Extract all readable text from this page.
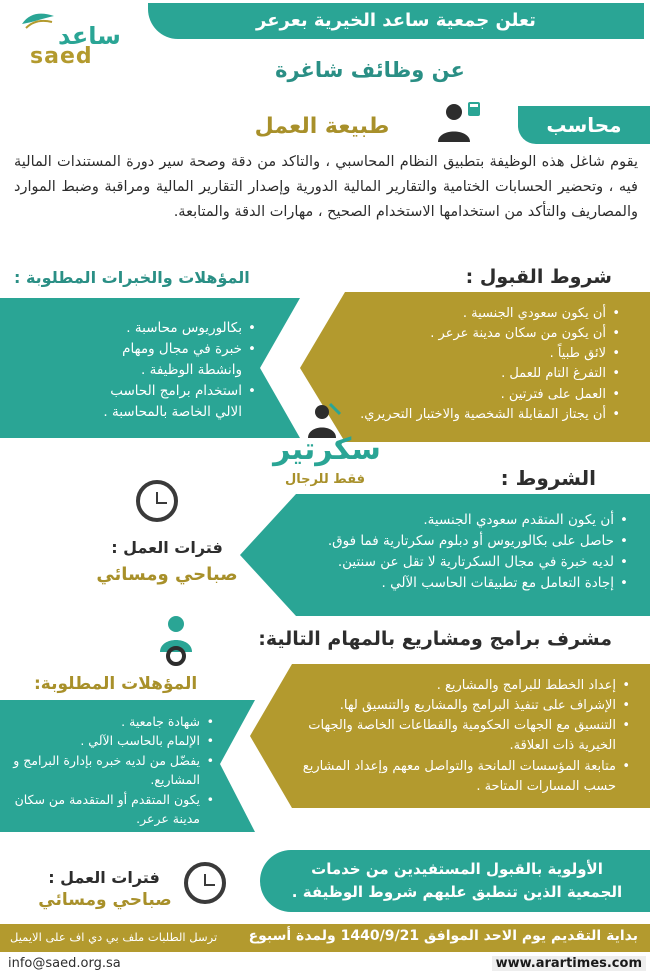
ساعد
saed
تعلن جمعية ساعد الخيرية بعرعر
عن وظائف شاغرة
محاسب
طبيعة العمل
يقوم شاغل هذه الوظيفة بتطبيق النظام المحاسبي ، والتاكد من دقة وصحة سير دورة المستندات المالية فيه ، وتحضير الحسابات الختامية والتقارير المالية الدورية وإصدار التقارير المالية ومراقبة وضبط الموارد والمصاريف والتأكد من استخدامها الاستخدام الصحيح ، مهارات الدقة والمتابعة.
شروط القبول :
المؤهلات والخبرات المطلوبة :
• أن يكون سعودي الجنسية .
• أن يكون من سكان مدينة عرعر .
• لائق طبياً .
• التفرغ التام للعمل .
• العمل على فترتين .
• أن يجتاز المقابلة الشخصية والاختبار التحريري.
• بكالوريوس محاسبة .
• خبرة في مجال ومهام وانشطة الوظيفة .
• استخدام برامج الحاسب الالي الخاصة بالمحاسبة .
سكرتير
فقط للرجال	الشروط :
• أن يكون المتقدم سعودي الجنسية.
• حاصل على بكالوريوس أو دبلوم سكرتارية فما فوق.
• لديه خبرة في مجال السكرتارية لا تقل عن سنتين.
• إجادة التعامل مع تطبيقات الحاسب الآلي .
فترات العمل :
صباحي ومسائي
مشرف برامج ومشاريع بالمهام التالية:
المؤهلات المطلوبة:
•	إعداد الخطط للبرامج والمشاريع .
• الإشراف على تنفيذ البرامج والمشاريع والتنسيق لها.
• التنسيق مع الجهات الحكومية والقطاعات الخاصة والجهات الخيرية ذات العلاقة.
• متابعة المؤسسات المانحة والتواصل معهم وإعداد المشاريع حسب المسارات المتاحة .
• شهادة جامعية .
• الإلمام بالحاسب الآلي .
• يفضّل من لديه خبره بإدارة البرامج و المشاريع.
• يكون المتقدم أو المتقدمة من سكان مدينة عرعر.
فترات العمل :
صباحي ومسائي
الأولوية بالقبول المستفيدين من خدمات الجمعية الذين تنطبق عليهم شروط الوظيفة .
بداية التقديم يوم الاحد الموافق 1440/9/21 ولمدة أسبوع
ترسل الطلبات ملف بي دي اف على الايميل
info@saed.org.sa	www.arartimes.com
